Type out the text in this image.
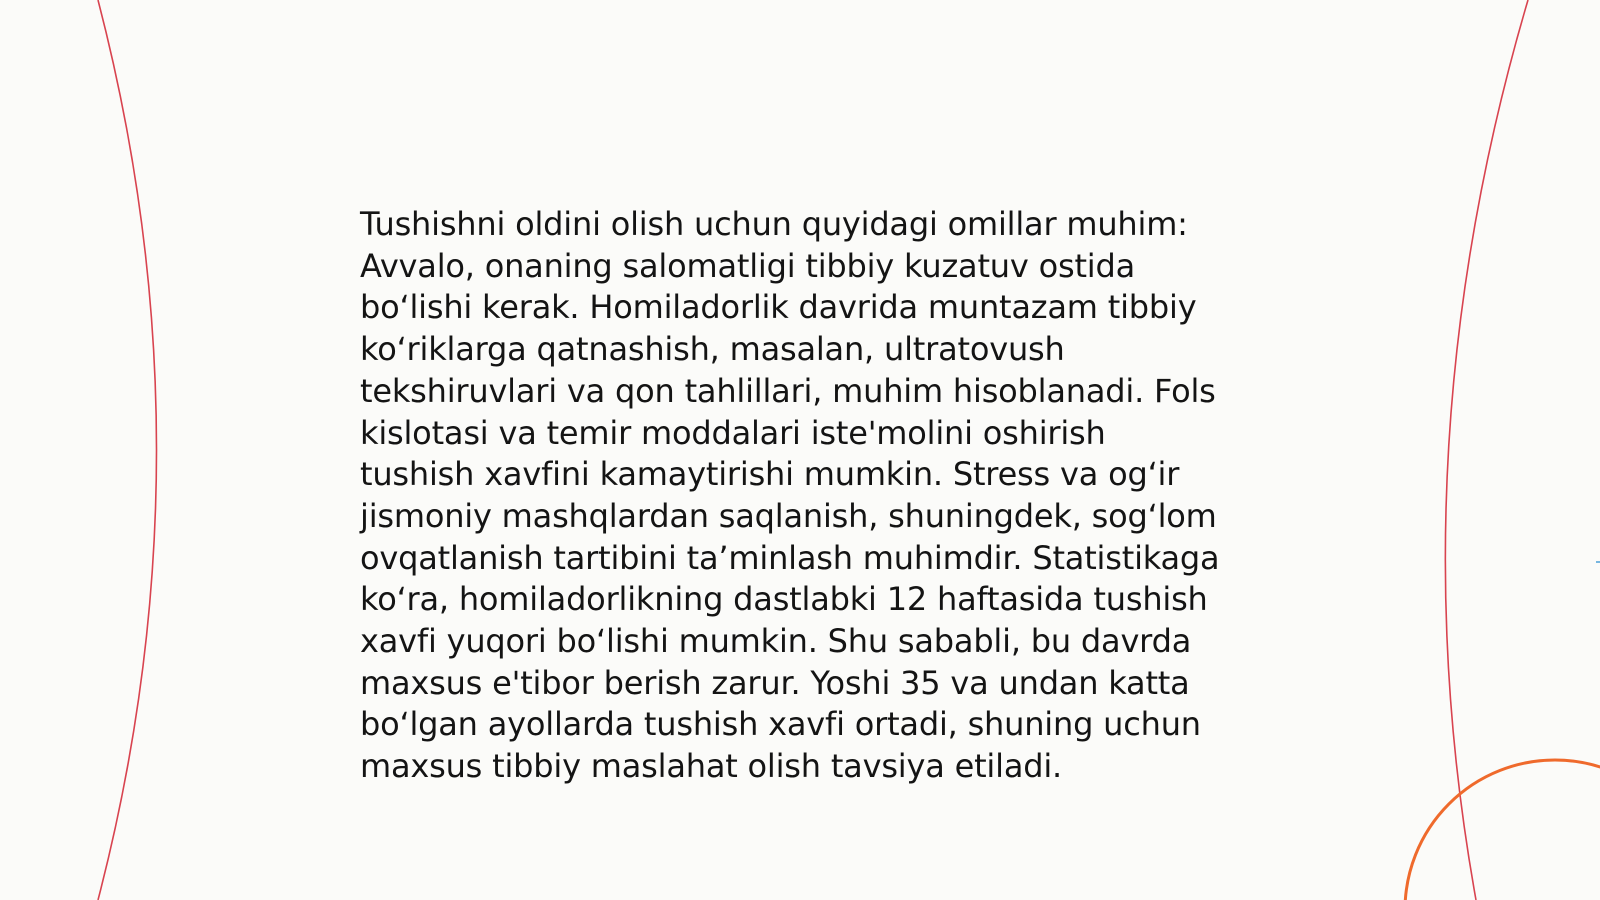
Tushishni oldini olish uchun quyidagi omillar muhim:
Avvalo, onaning salomatligi tibbiy kuzatuv ostida
bo‘lishi kerak. Homiladorlik davrida muntazam tibbiy
ko‘riklarga qatnashish, masalan, ultratovush
tekshiruvlari va qon tahlillari, muhim hisoblanadi. Fols
kislotasi va temir moddalari iste'molini oshirish
tushish xavfini kamaytirishi mumkin. Stress va og‘ir
jismoniy mashqlardan saqlanish, shuningdek, sog‘lom
ovqatlanish tartibini ta’minlash muhimdir. Statistikaga
ko‘ra, homiladorlikning dastlabki 12 haftasida tushish
xavfi yuqori bo‘lishi mumkin. Shu sababli, bu davrda
maxsus e'tibor berish zarur. Yoshi 35 va undan katta
bo‘lgan ayollarda tushish xavfi ortadi, shuning uchun
maxsus tibbiy maslahat olish tavsiya etiladi.
